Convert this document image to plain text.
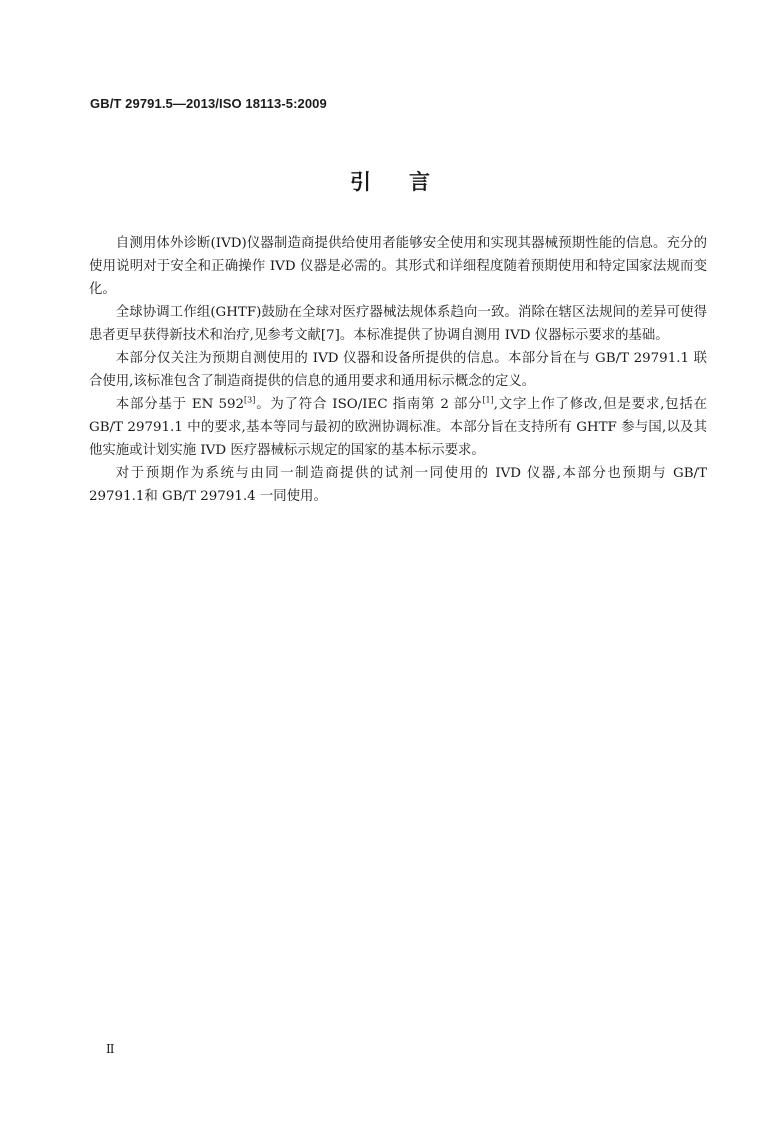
GB/T 29791.5—2013/ISO 18113-5:2009
引言

自测用体外诊断(IVD)仪器制造商提供给使用者能够安全使用和实现其器械预期性能的信息。充分的使用说明对于安全和正确操作 IVD 仪器是必需的。其形式和详细程度随着预期使用和特定国家法规而变化。

全球协调工作组(GHTF)鼓励在全球对医疗器械法规体系趋向一致。消除在辖区法规间的差异可使得患者更早获得新技术和治疗,见参考文献[7]。本标准提供了协调自测用 IVD 仪器标示要求的基础。

本部分仅关注为预期自测使用的 IVD 仪器和设备所提供的信息。本部分旨在与 GB/T 29791.1 联合使用,该标准包含了制造商提供的信息的通用要求和通用标示概念的定义。

本部分基于 EN 592[3]。为了符合 ISO/IEC 指南第 2 部分[1],文字上作了修改,但是要求,包括在 GB/T 29791.1 中的要求,基本等同与最初的欧洲协调标准。本部分旨在支持所有 GHTF 参与国,以及其他实施或计划实施 IVD 医疗器械标示规定的国家的基本标示要求。

对于预期作为系统与由同一制造商提供的试剂一同使用的 IVD 仪器,本部分也预期与 GB/T 29791.1和 GB/T 29791.4 一同使用。

II
